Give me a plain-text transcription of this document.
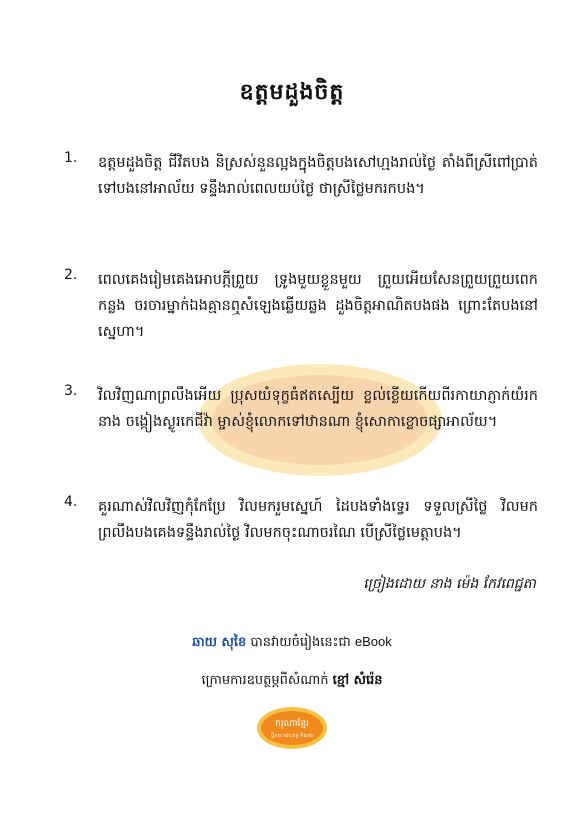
ឧត្តមដួងចិត្ត
1. ឧត្តមដួងចិត្ត ជីវិតបង និស្រស់នួនល្អងក្នុងចិត្តបងសៅហ្មងរាល់ថ្ងៃ តាំងពីស្រីពៅប្រាត់ទៅបងនៅអាល័យ ទន្ទឹងរាល់ពេលយប់ថ្ងៃ ថាស្រីថ្លៃមករកបង។
2. ពេលគេងរៀមគេងអោបភ្កីព្រួយ ទ្រូងមួយខ្លួនមួយ ព្រួយអើយសែនព្រួយព្រួយពេកកន្លង ចរចារម្នាក់ឯងគ្មានឮសំឡេងឆ្លើយឆ្លង ដួងចិត្តអាណិតបងផង ព្រោះតែបងនៅស្នេហា។
3. វិលវិញណាព្រលឹងអើយ ប្រុសយំទុក្ខធំឥតស្បើយ ខ្លល់ខ្លើយកើយពីរកាយាភ្ញាក់យំរកនាង ចង្កៀងស្ងូរកេជីវ៉ា ម្ចាស់ខ្ញុំលោកទៅឋានណា ខ្ញុំសោកាខ្លោចផ្សាអាល័យ។
4. គួរណាស់វិលវិញកុំកែប្រែ វិលមករួមស្នេហ៍ ដៃបងទាំងទ្វេរ ទទួលស្រីថ្លៃ វិលមកព្រលឹងបងគេងទន្ទឹងរាល់ថ្ងៃ វិលមកចុះណាចរណៃ បើស្រីថ្លៃមេត្តាបង។
ច្រៀងដោយ នាង ម៉េង កែវពេជ្ជតា
ឆាយ សុខៃ បានវាយចំរៀងនេះជា eBook
ក្រោមការឧបត្ថម្ភពីសំណាក់ ខ្មៅ សំរ៉េន
ករុណាខ្មែរ
ប្តីខាន ដោះឧក្ក កិសាង
